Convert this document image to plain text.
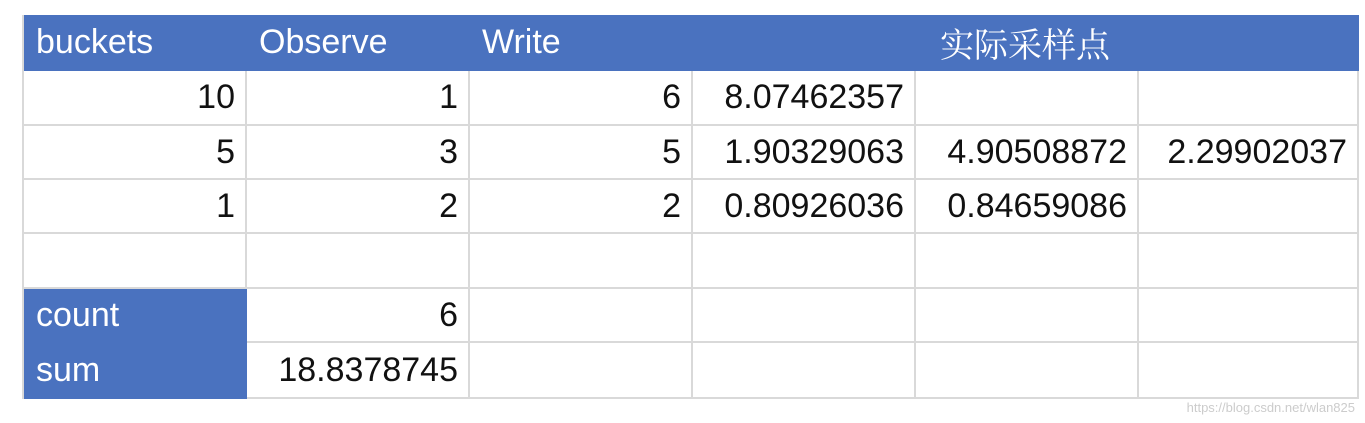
buckets	Observe	Write	实际采样点
10	1	6	8.07462357
5	3	5	1.90329063	4.90508872	2.29902037
1	2	2	0.80926036	0.84659086
count	6
sum	18.8378745
https://blog.csdn.net/wlan825
